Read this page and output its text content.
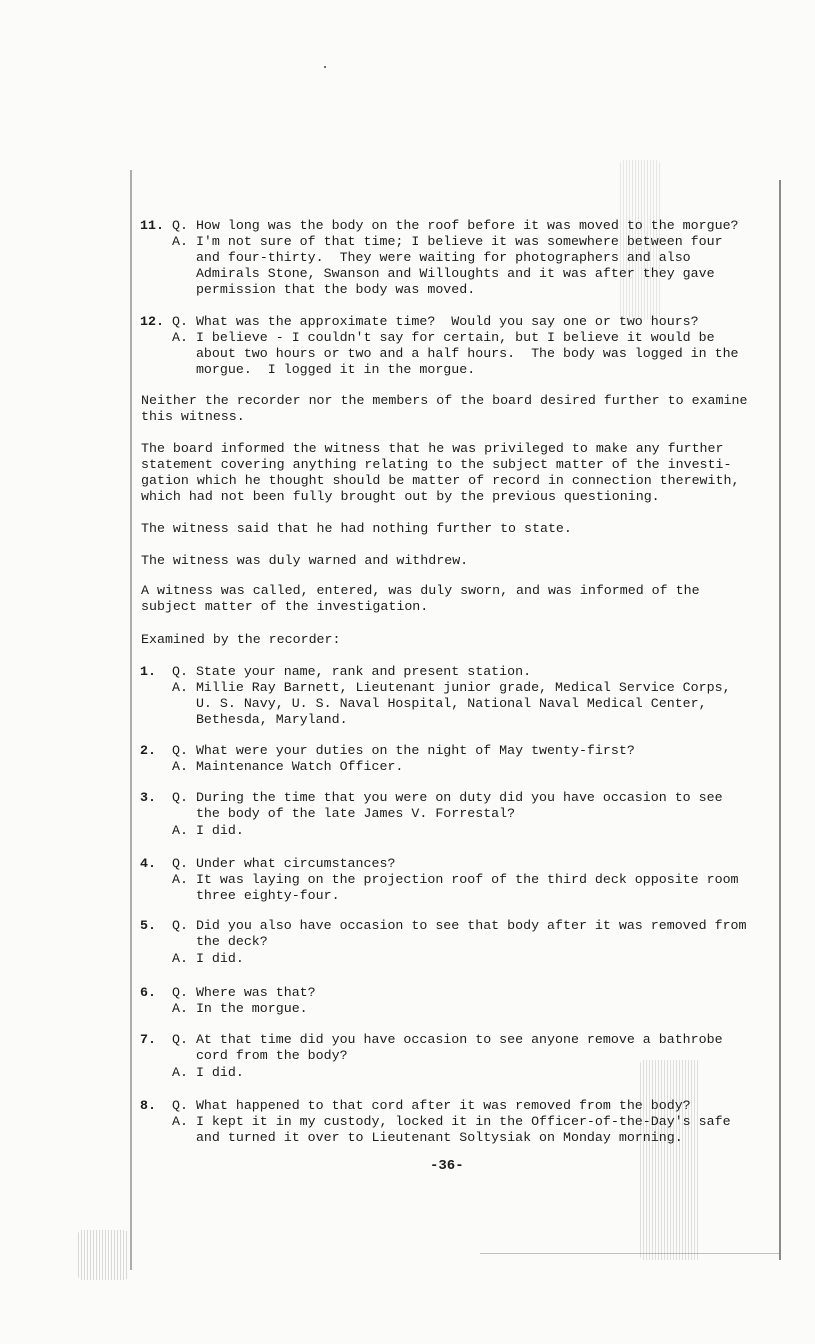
11. Q. How long was the body on the roof before it was moved to the morgue?
A. I'm not sure of that time; I believe it was somewhere between four
and four-thirty.  They were waiting for photographers and also
Admirals Stone, Swanson and Willoughts and it was after they gave
permission that the body was moved.
12. Q. What was the approximate time?  Would you say one or two hours?
A. I believe - I couldn't say for certain, but I believe it would be
about two hours or two and a half hours.  The body was logged in the
morgue.  I logged it in the morgue.
Neither the recorder nor the members of the board desired further to examine
this witness.
The board informed the witness that he was privileged to make any further
statement covering anything relating to the subject matter of the investi-
gation which he thought should be matter of record in connection therewith,
which had not been fully brought out by the previous questioning.
The witness said that he had nothing further to state.
The witness was duly warned and withdrew.
A witness was called, entered, was duly sworn, and was informed of the
subject matter of the investigation.
Examined by the recorder:
1. Q. State your name, rank and present station.
A. Millie Ray Barnett, Lieutenant junior grade, Medical Service Corps,
U. S. Navy, U. S. Naval Hospital, National Naval Medical Center,
Bethesda, Maryland.
2. Q. What were your duties on the night of May twenty-first?
A. Maintenance Watch Officer.
3. Q. During the time that you were on duty did you have occasion to see
the body of the late James V. Forrestal?
A. I did.
4. Q. Under what circumstances?
A. It was laying on the projection roof of the third deck opposite room
three eighty-four.
5. Q. Did you also have occasion to see that body after it was removed from
the deck?
A. I did.
6. Q. Where was that?
A. In the morgue.
7. Q. At that time did you have occasion to see anyone remove a bathrobe
cord from the body?
A. I did.
8. Q. What happened to that cord after it was removed from the body?
A. I kept it in my custody, locked it in the Officer-of-the-Day's safe
and turned it over to Lieutenant Soltysiak on Monday morning.
-36-
